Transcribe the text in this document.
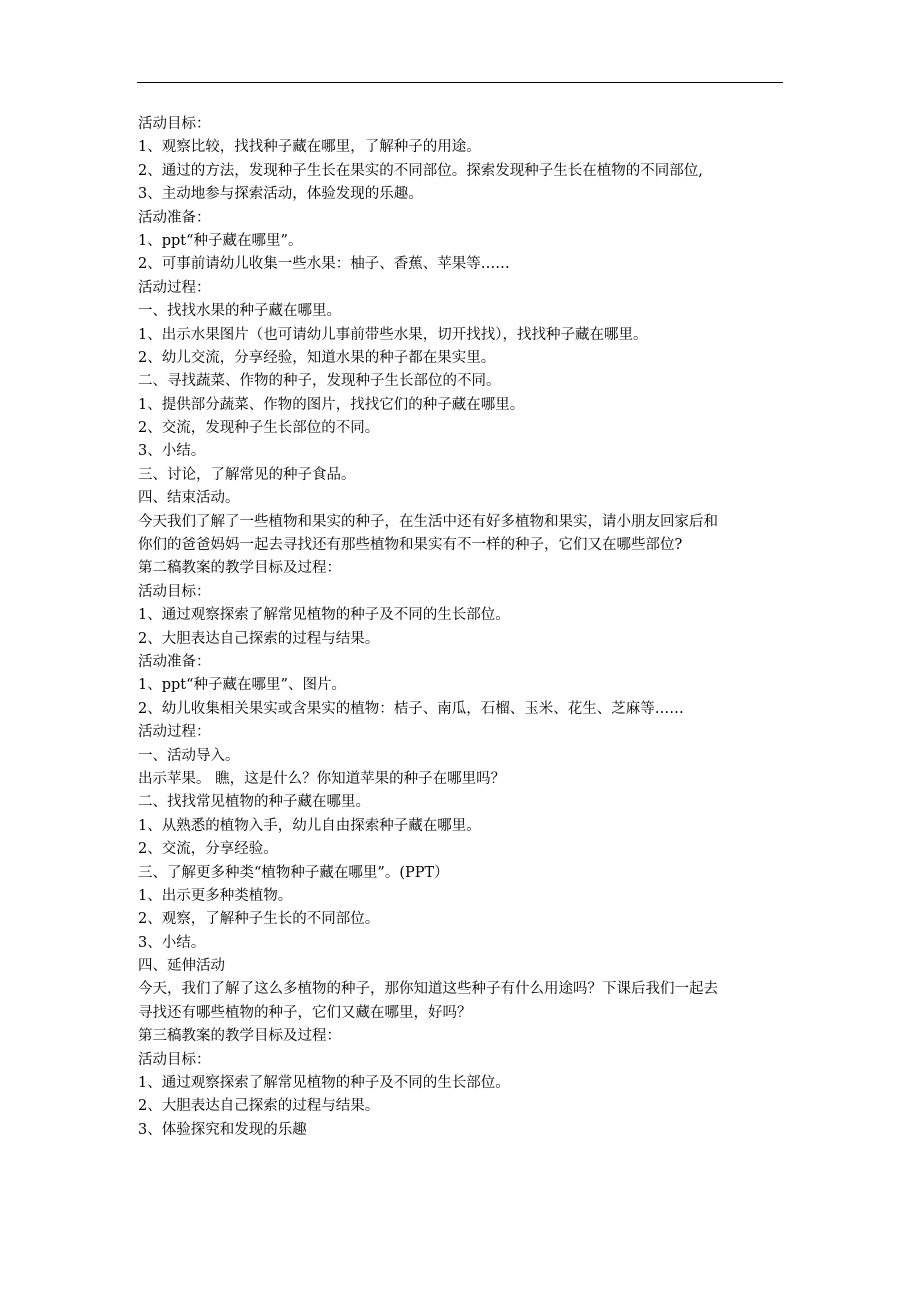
活动目标：
1、观察比较，找找种子藏在哪里，了解种子的用途。
2、通过的方法，发现种子生长在果实的不同部位。探索发现种子生长在植物的不同部位,
3、主动地参与探索活动，体验发现的乐趣。
活动准备：
1、ppt“种子藏在哪里”。
2、可事前请幼儿收集一些水果：柚子、香蕉、苹果等……
活动过程：
一、找找水果的种子藏在哪里。
1、出示水果图片（也可请幼儿事前带些水果，切开找找），找找种子藏在哪里。
2、幼儿交流，分享经验，知道水果的种子都在果实里。
二、寻找蔬菜、作物的种子，发现种子生长部位的不同。
1、提供部分蔬菜、作物的图片，找找它们的种子藏在哪里。
2、交流，发现种子生长部位的不同。
3、小结。
三、讨论，了解常见的种子食品。
四、结束活动。
今天我们了解了一些植物和果实的种子，在生活中还有好多植物和果实，请小朋友回家后和
你们的爸爸妈妈一起去寻找还有那些植物和果实有不一样的种子，它们又在哪些部位?
第二稿教案的教学目标及过程：
活动目标：
1、通过观察探索了解常见植物的种子及不同的生长部位。
2、大胆表达自己探索的过程与结果。
活动准备：
1、ppt“种子藏在哪里”、图片。
2、幼儿收集相关果实或含果实的植物：桔子、南瓜，石榴、玉米、花生、芝麻等……
活动过程：
一、活动导入。
出示苹果。 瞧，这是什么？你知道苹果的种子在哪里吗？
二、找找常见植物的种子藏在哪里。
1、从熟悉的植物入手，幼儿自由探索种子藏在哪里。
2、交流，分享经验。
三、了解更多种类“植物种子藏在哪里”。(PPT）
1、出示更多种类植物。
2、观察，了解种子生长的不同部位。
3、小结。
四、延伸活动
今天，我们了解了这么多植物的种子，那你知道这些种子有什么用途吗？下课后我们一起去
寻找还有哪些植物的种子，它们又藏在哪里，好吗？
第三稿教案的教学目标及过程：
活动目标：
1、通过观察探索了解常见植物的种子及不同的生长部位。
2、大胆表达自己探索的过程与结果。
3、体验探究和发现的乐趣
